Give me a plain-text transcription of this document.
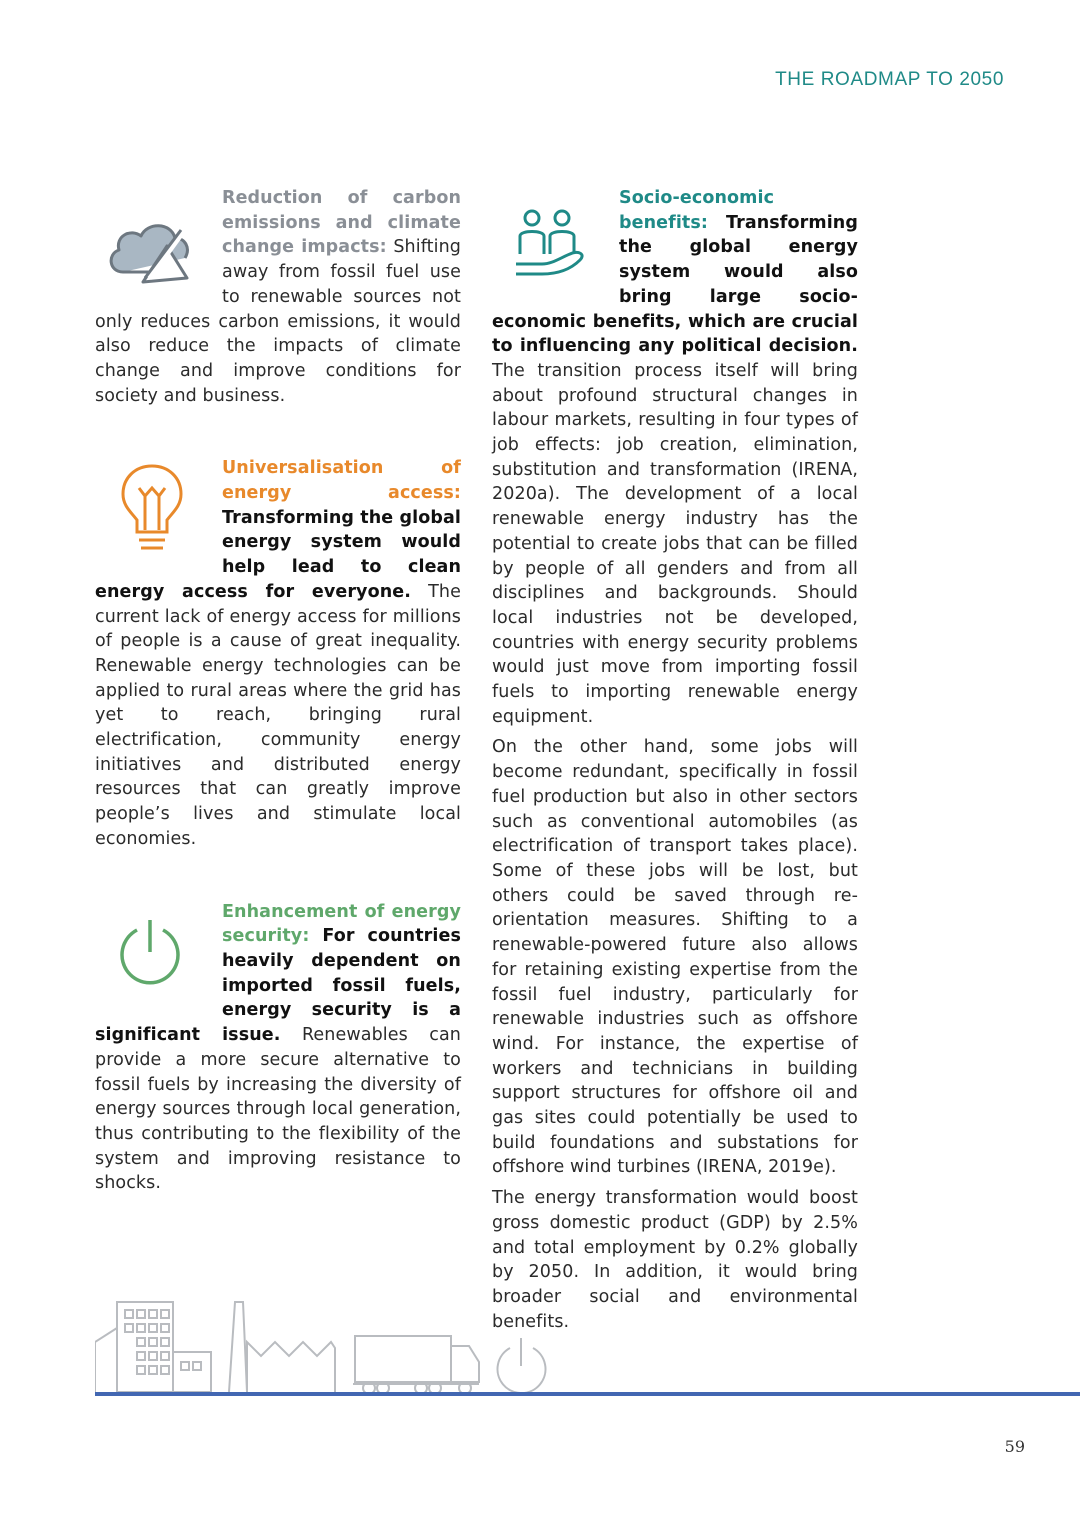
THE ROADMAP TO 2050

Reduction of carbon emissions and climate change impacts: Shifting away from fossil fuel use to renewable sources not only reduces carbon emissions, it would also reduce the impacts of climate change and improve conditions for society and business.

Universalisation of energy access: Transforming the global energy system would help lead to clean energy access for everyone. The current lack of energy access for millions of people is a cause of great inequality. Renewable energy technologies can be applied to rural areas where the grid has yet to reach, bringing rural electrification, community energy initiatives and distributed energy resources that can greatly improve people’s lives and stimulate local economies.

Enhancement of energy security: For countries heavily dependent on imported fossil fuels, energy security is a significant issue. Renewables can provide a more secure alternative to fossil fuels by increasing the diversity of energy sources through local generation, thus contributing to the flexibility of the system and improving resistance to shocks.

Socio-economic benefits: Transforming the global energy system would also bring large socio-economic benefits, which are crucial to influencing any political decision. The transition process itself will bring about profound structural changes in labour markets, resulting in four types of job effects: job creation, elimination, substitution and transformation (IRENA, 2020a). The development of a local renewable energy industry has the potential to create jobs that can be filled by people of all genders and from all disciplines and backgrounds. Should local industries not be developed, countries with energy security problems would just move from importing fossil fuels to importing renewable energy equipment.

On the other hand, some jobs will become redundant, specifically in fossil fuel production but also in other sectors such as conventional automobiles (as electrification of transport takes place). Some of these jobs will be lost, but others could be saved through re-orientation measures. Shifting to a renewable-powered future also allows for retaining existing expertise from the fossil fuel industry, particularly for renewable industries such as offshore wind. For instance, the expertise of workers and technicians in building support structures for offshore oil and gas sites could potentially be used to build foundations and substations for offshore wind turbines (IRENA, 2019e).

The energy transformation would boost gross domestic product (GDP) by 2.5% and total employment by 0.2% globally by 2050. In addition, it would bring broader social and environmental benefits.

59
